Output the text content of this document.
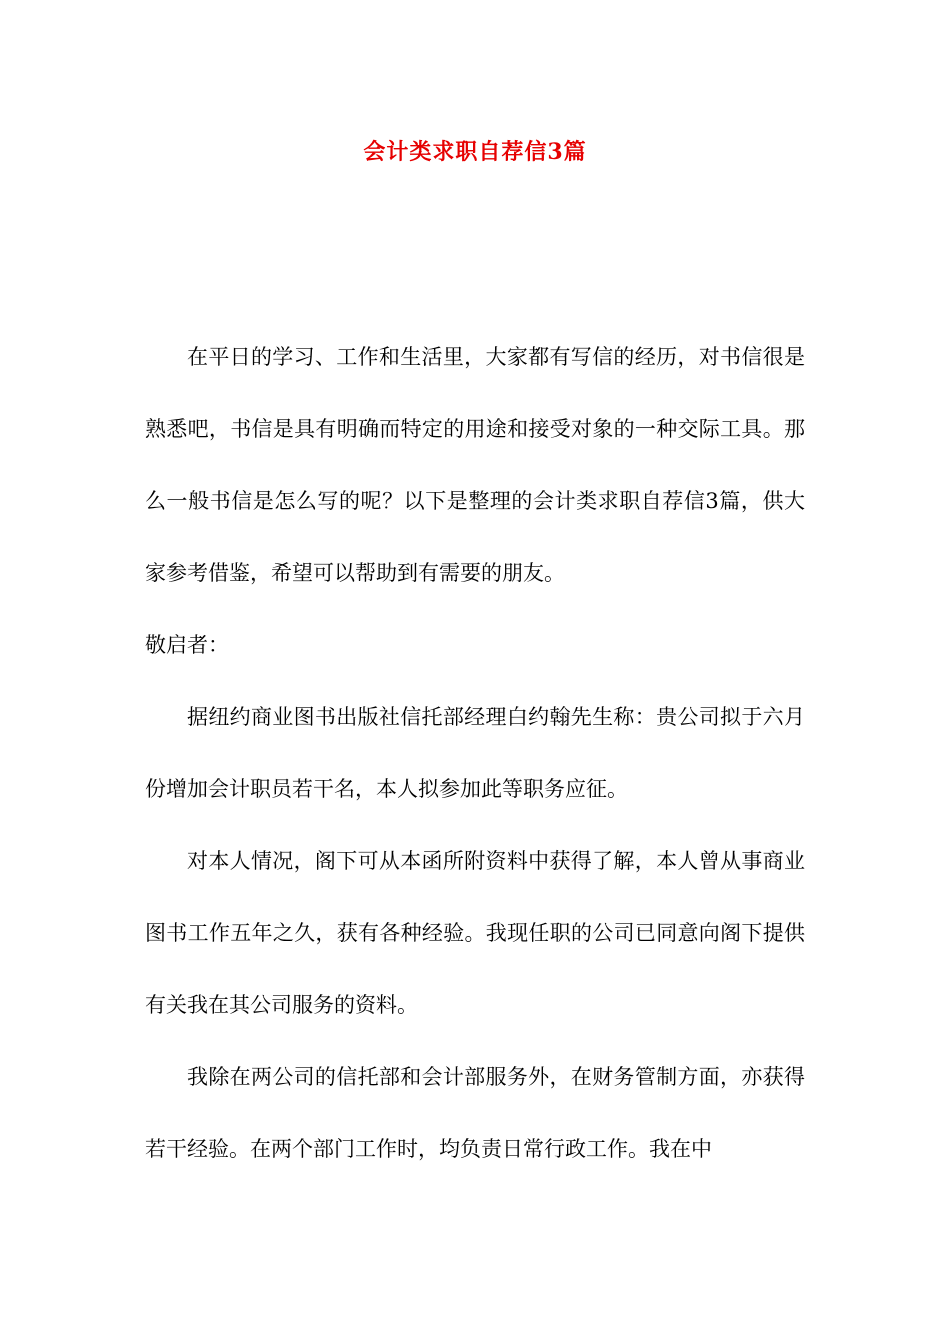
会计类求职自荐信3篇

在平日的学习、工作和生活里，大家都有写信的经历，对书信很是熟悉吧，书信是具有明确而特定的用途和接受对象的一种交际工具。那么一般书信是怎么写的呢？以下是整理的会计类求职自荐信3篇，供大家参考借鉴，希望可以帮助到有需要的朋友。

敬启者：

据纽约商业图书出版社信托部经理白约翰先生称：贵公司拟于六月份增加会计职员若干名，本人拟参加此等职务应征。

对本人情况，阁下可从本函所附资料中获得了解，本人曾从事商业图书工作五年之久，获有各种经验。我现任职的公司已同意向阁下提供有关我在其公司服务的资料。

我除在两公司的信托部和会计部服务外，在财务管制方面，亦获得若干经验。在两个部门工作时，均负责日常行政工作。我在中
